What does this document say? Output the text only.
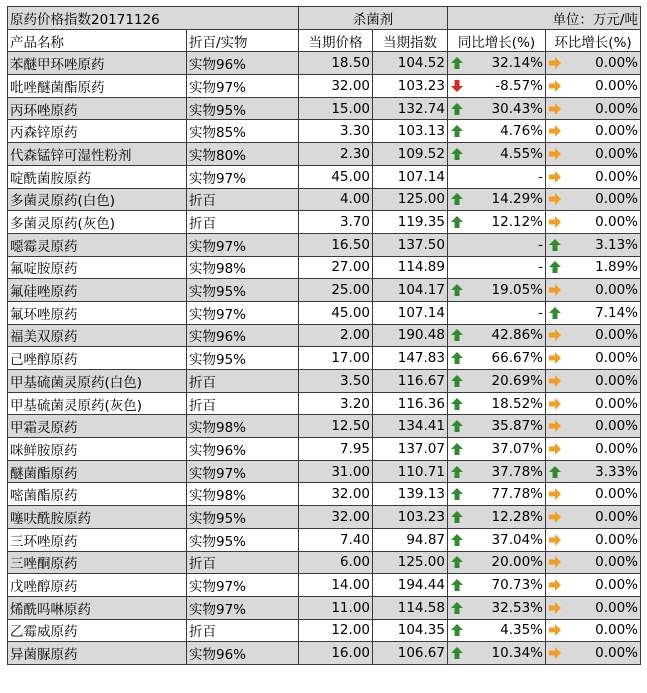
原药价格指数20171126		杀菌剂		单位：万元/吨	
产品名称	折百/实物	当期价格	当期指数	同比增长(%)	环比增长(%)
苯醚甲环唑原药	实物96%	18.50	104.52	32.14%	0.00%

吡唑醚菌酯原药	实物97%	32.00	103.23	-8.57%	0.00%

丙环唑原药	实物95%	15.00	132.74	30.43%	0.00%

丙森锌原药	实物85%	3.30	103.13	4.76%	0.00%

代森锰锌可湿性粉剂	实物80%	2.30	109.52	4.55%	0.00%

啶酰菌胺原药	实物97%	45.00	107.14	-	0.00%

多菌灵原药(白色)	折百	4.00	125.00	14.29%	0.00%

多菌灵原药(灰色)	折百	3.70	119.35	12.12%	0.00%

噁霉灵原药	实物97%	16.50	137.50	-	3.13%

氟啶胺原药	实物98%	27.00	114.89	-	1.89%

氟硅唑原药	实物95%	25.00	104.17	19.05%	0.00%

氟环唑原药	实物97%	45.00	107.14	-	7.14%

福美双原药	实物96%	2.00	190.48	42.86%	0.00%

己唑醇原药	实物95%	17.00	147.83	66.67%	0.00%

甲基硫菌灵原药(白色)	折百	3.50	116.67	20.69%	0.00%

甲基硫菌灵原药(灰色)	折百	3.20	116.36	18.52%	0.00%

甲霜灵原药	实物98%	12.50	134.41	35.87%	0.00%

咪鲜胺原药	实物96%	7.95	137.07	37.07%	0.00%

醚菌酯原药	实物97%	31.00	110.71	37.78%	3.33%

嘧菌酯原药	实物98%	32.00	139.13	77.78%	0.00%

噻呋酰胺原药	实物95%	32.00	103.23	12.28%	0.00%

三环唑原药	实物95%	7.40	94.87	37.04%	0.00%

三唑酮原药	折百	6.00	125.00	20.00%	0.00%

戊唑醇原药	实物97%	14.00	194.44	70.73%	0.00%

烯酰吗啉原药	实物97%	11.00	114.58	32.53%	0.00%

乙霉威原药	折百	12.00	104.35	4.35%	0.00%

异菌脲原药	实物96%	16.00	106.67	10.34%	0.00%
